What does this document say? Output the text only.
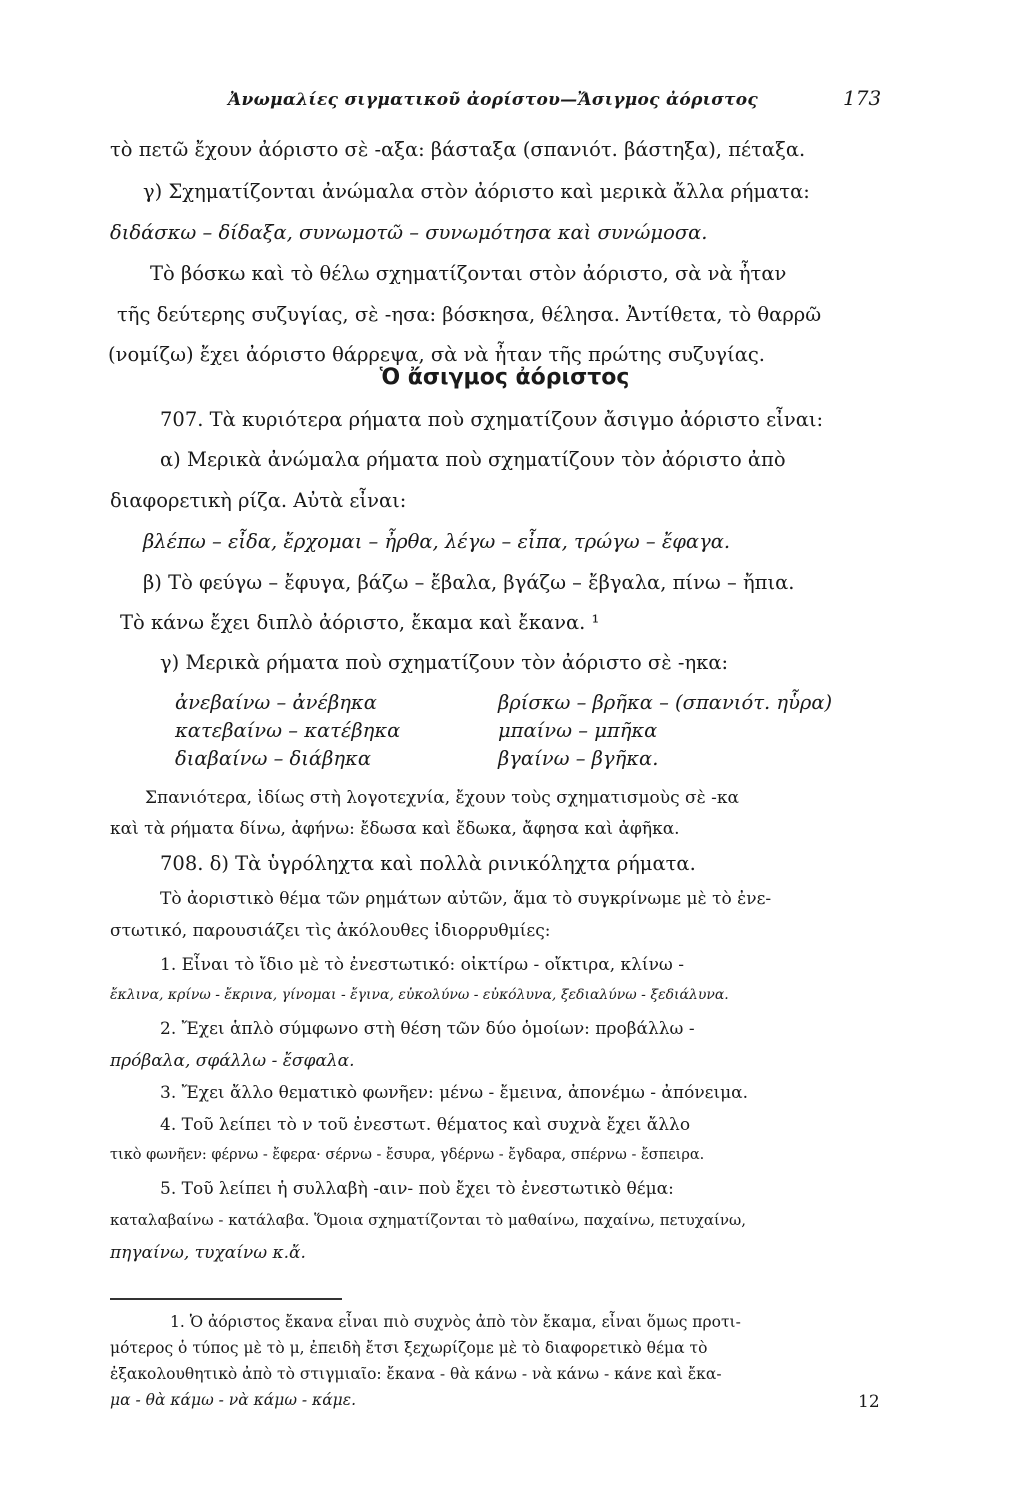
Ἀνωμαλίες σιγματικοῦ ἀορίστου—Ἄσιγμος ἀόριστος	173
τὸ πετῶ ἔχουν ἀόριστο σὲ -αξα: βάσταξα (σπανιότ. βάστηξα), πέταξα.
γ) Σχηματίζονται ἀνώμαλα στὸν ἀόριστο καὶ μερικὰ ἄλλα ρήματα:
διδάσκω – δίδαξα, συνωμοτῶ – συνωμότησα καὶ συνώμοσα.
Τὸ βόσκω καὶ τὸ θέλω σχηματίζονται στὸν ἀόριστο, σὰ νὰ ἦταν
τῆς δεύτερης συζυγίας, σὲ -ησα: βόσκησα, θέλησα. Ἀντίθετα, τὸ θαρρῶ
(νομίζω) ἔχει ἀόριστο θάρρεψα, σὰ νὰ ἦταν τῆς πρώτης συζυγίας.
Ὁ ἄσιγμος ἀόριστος
707. Τὰ κυριότερα ρήματα ποὺ σχηματίζουν ἄσιγμο ἀόριστο εἶναι:
α) Μερικὰ ἀνώμαλα ρήματα ποὺ σχηματίζουν τὸν ἀόριστο ἀπὸ
διαφορετικὴ ρίζα. Αὐτὰ εἶναι:
βλέπω – εἶδα, ἔρχομαι – ἦρθα, λέγω – εἶπα, τρώγω – ἔφαγα.
β) Τὸ φεύγω – ἔφυγα, βάζω – ἔβαλα, βγάζω – ἔβγαλα, πίνω – ἤπια.
Τὸ κάνω ἔχει διπλὸ ἀόριστο, ἔκαμα καὶ ἔκανα. ¹
γ) Μερικὰ ρήματα ποὺ σχηματίζουν τὸν ἀόριστο σὲ -ηκα:
ἀνεβαίνω – ἀνέβηκα
κατεβαίνω – κατέβηκα
διαβαίνω – διάβηκα
βρίσκω – βρῆκα – (σπανιότ. ηὗρα)
μπαίνω – μπῆκα
βγαίνω – βγῆκα.
Σπανιότερα, ἰδίως στὴ λογοτεχνία, ἔχουν τοὺς σχηματισμοὺς σὲ -κα
καὶ τὰ ρήματα δίνω, ἀφήνω: ἔδωσα καὶ ἔδωκα, ἄφησα καὶ ἀφῆκα.
708. δ) Τὰ ὑγρόληχτα καὶ πολλὰ ρινικόληχτα ρήματα.
Τὸ ἀοριστικὸ θέμα τῶν ρημάτων αὐτῶν, ἅμα τὸ συγκρίνωμε μὲ τὸ ἐνε-
στωτικό, παρουσιάζει τὶς ἀκόλουθες ἰδιορρυθμίες:
1. Εἶναι τὸ ἴδιο μὲ τὸ ἐνεστωτικό: οἰκτίρω - οἴκτιρα, κλίνω -
ἔκλινα, κρίνω - ἔκρινα, γίνομαι - ἔγινα, εὐκολύνω - εὐκόλυνα, ξεδιαλύνω - ξεδιάλυνα.
2. Ἔχει ἁπλὸ σύμφωνο στὴ θέση τῶν δύο ὁμοίων: προβάλλω -
πρόβαλα, σφάλλω - ἔσφαλα.
3. Ἔχει ἄλλο θεματικὸ φωνῆεν: μένω - ἔμεινα, ἀπονέμω - ἀπόνειμα.
4. Τοῦ λείπει τὸ ν τοῦ ἐνεστωτ. θέματος καὶ συχνὰ ἔχει ἄλλο
τικὸ φωνῆεν: φέρνω - ἔφερα· σέρνω - ἔσυρα, γδέρνω - ἔγδαρα, σπέρνω - ἔσπειρα.
5. Τοῦ λείπει ἡ συλλαβὴ -αιν- ποὺ ἔχει τὸ ἐνεστωτικὸ θέμα:
καταλαβαίνω - κατάλαβα. Ὅμοια σχηματίζονται τὸ μαθαίνω, παχαίνω, πετυχαίνω,
πηγαίνω, τυχαίνω κ.ἄ.
1. Ὁ ἀόριστος ἔκανα εἶναι πιὸ συχνὸς ἀπὸ τὸν ἔκαμα, εἶναι ὅμως προτι-
μότερος ὁ τύπος μὲ τὸ μ, ἐπειδὴ ἔτσι ξεχωρίζομε μὲ τὸ διαφορετικὸ θέμα τὸ
ἐξακολουθητικὸ ἀπὸ τὸ στιγμιαῖο: ἔκανα - θὰ κάνω - νὰ κάνω - κάνε καὶ ἔκα-
μα - θὰ κάμω - νὰ κάμω - κάμε.	12
